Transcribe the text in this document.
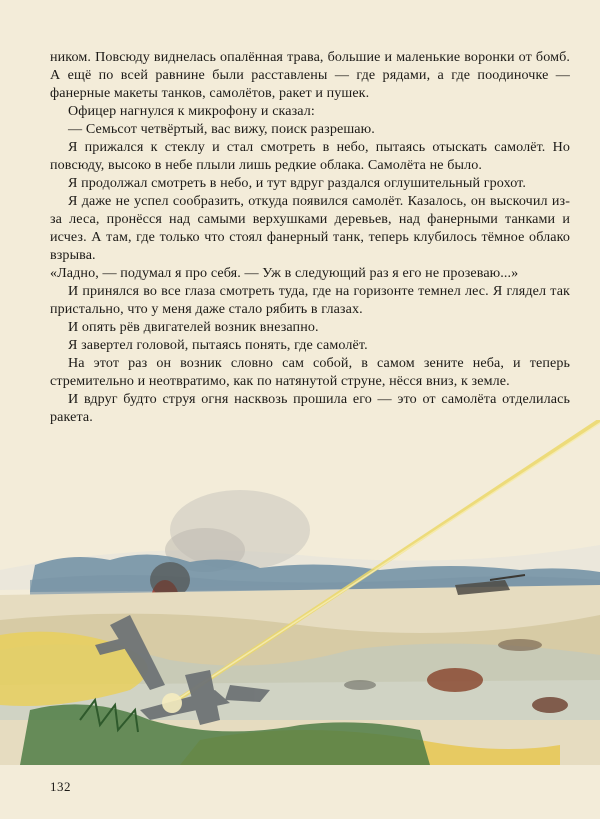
ником. Повсюду виднелась опалённая трава, большие и маленькие воронки от бомб. А ещё по всей равнине были расставлены — где рядами, а где поодиночке — фанерные макеты танков, самолётов, ракет и пушек.

Офицер нагнулся к микрофону и сказал:

— Семьсот четвёртый, вас вижу, поиск разрешаю.

Я прижался к стеклу и стал смотреть в небо, пытаясь отыскать самолёт. Но повсюду, высоко в небе плыли лишь редкие облака. Самолёта не было.

Я продолжал смотреть в небо, и тут вдруг раздался оглушительный грохот.

Я даже не успел сообразить, откуда появился самолёт. Казалось, он выскочил из-за леса, пронёсся над самыми верхушками деревьев, над фанерными танками и исчез. А там, где только что стоял фанерный танк, теперь клубилось тёмное облако взрыва.

«Ладно, — подумал я про себя. — Уж в следующий раз я его не прозеваю...»

И принялся во все глаза смотреть туда, где на горизонте темнел лес. Я глядел так пристально, что у меня даже стало рябить в глазах.

И опять рёв двигателей возник внезапно.

Я завертел головой, пытаясь понять, где самолёт.

На этот раз он возник словно сам собой, в самом зените неба, и теперь стремительно и неотвратимо, как по натянутой струне, нёсся вниз, к земле.

И вдруг будто струя огня насквозь прошила его — это от самолёта отделилась ракета.

132
